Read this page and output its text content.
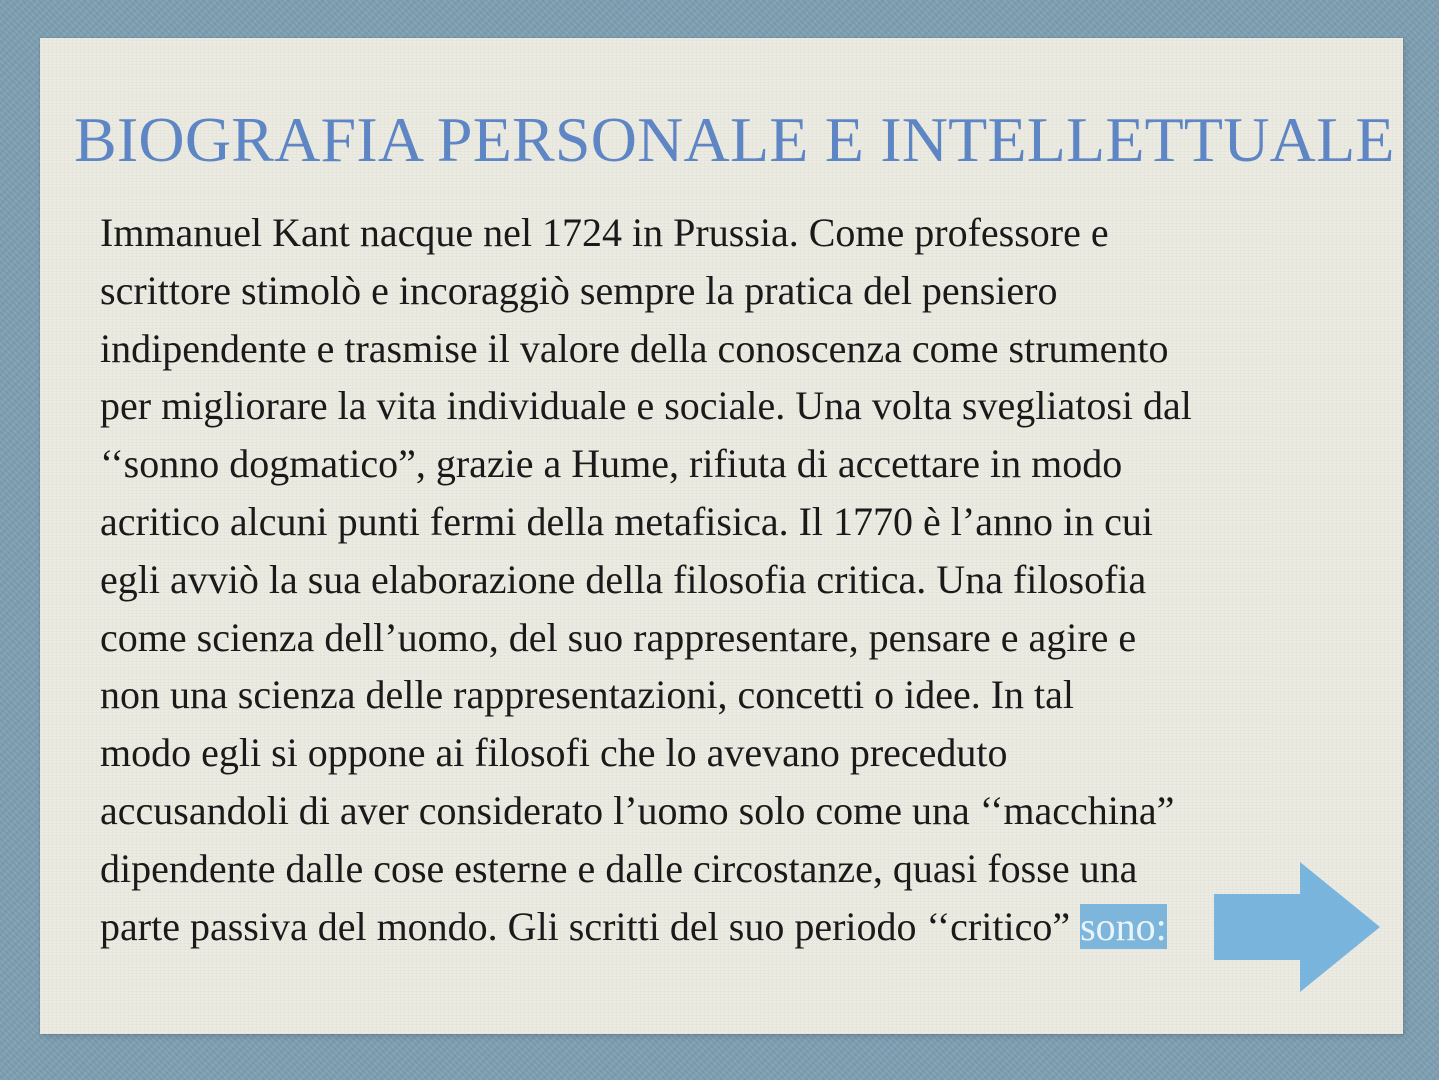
BIOGRAFIA PERSONALE E INTELLETTUALE

Immanuel Kant nacque nel 1724 in Prussia. Come professore e
scrittore stimolò e incoraggiò sempre la pratica del pensiero
indipendente e trasmise il valore della conoscenza come strumento
per migliorare la vita individuale e sociale. Una volta svegliatosi dal
‘‘sonno dogmatico”, grazie a Hume, rifiuta di accettare in modo
acritico alcuni punti fermi della metafisica. Il 1770 è l’anno in cui
egli avviò la sua elaborazione della filosofia critica. Una filosofia
come scienza dell’uomo, del suo rappresentare, pensare e agire e
non una scienza delle rappresentazioni, concetti o idee. In tal
modo egli si oppone ai filosofi che lo avevano preceduto
accusandoli di aver considerato l’uomo solo come una ‘‘macchina”
dipendente dalle cose esterne e dalle circostanze, quasi fosse una
parte passiva del mondo. Gli scritti del suo periodo ‘‘critico” sono:
